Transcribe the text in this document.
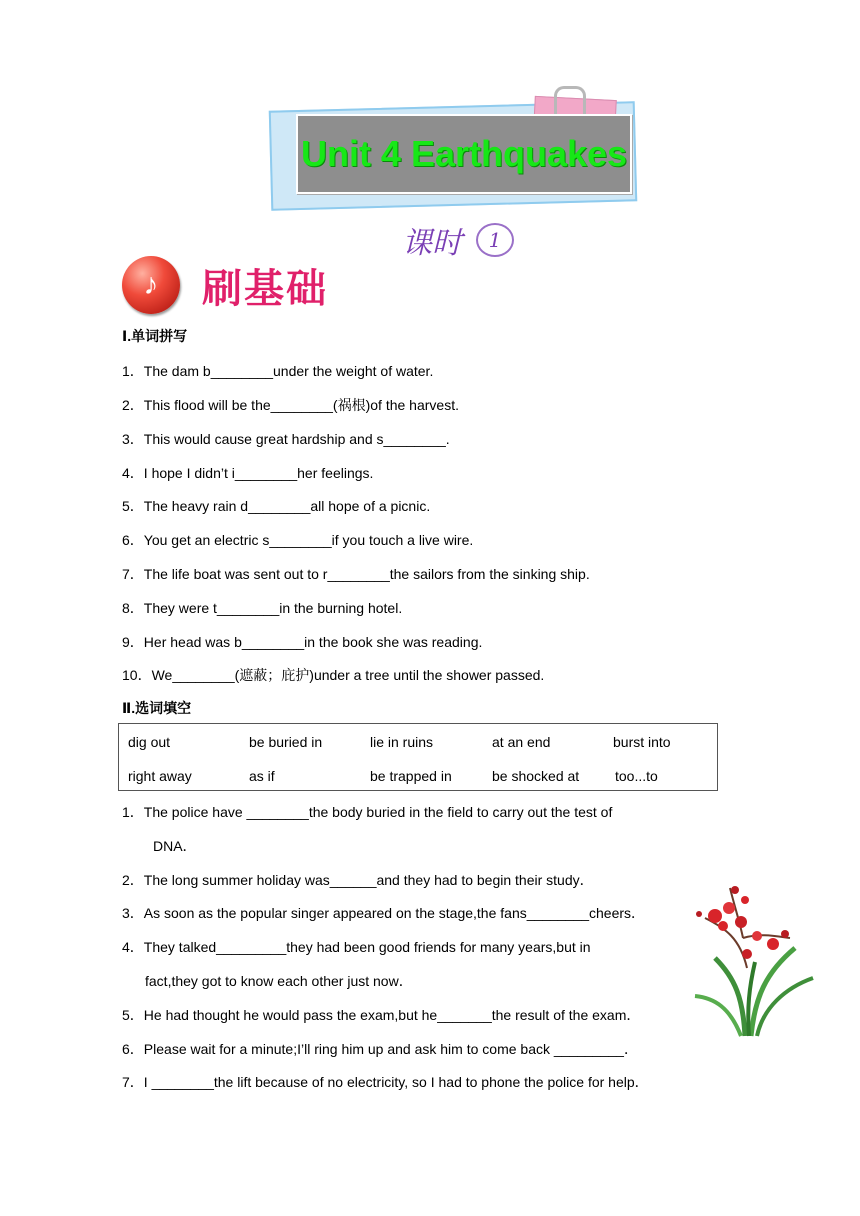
Unit 4 Earthquakes
课时	1
♪	刷基础
Ⅰ.单词拼写
1．The dam b________under the weight of water.
2．This flood will be the________(祸根)of the harvest.
3．This would cause great hardship and s________.
4．I hope I didn’t i________her feelings.
5．The heavy rain d________all hope of a picnic.
6．You get an electric s________if you touch a live wire.
7．The life boat was sent out to r________the sailors from the sinking ship.
8．They were t________in the burning hotel.
9．Her head was b________in the book she was reading.
10．We________(遮蔽；庇护)under a tree until the shower passed.
Ⅱ.选词填空
dig out	be buried in	lie in ruins	at an end	burst into
right away	as if	be trapped in	be shocked at	too...to
1．The police have ________the body buried in the field to carry out the test of
DNA．
2．The long summer holiday was______and they had to begin their study．
3．As soon as the popular singer appeared on the stage,the fans________cheers．
4．They talked_________they had been good friends for many years,but in
fact,they got to know each other just now．
5．He had thought he would pass the exam,but he_______the result of the exam．
6．Please wait for a minute;I’ll ring him up and ask him to come back _________．
7．I ________the lift because of no electricity, so I had to phone the police for help．
